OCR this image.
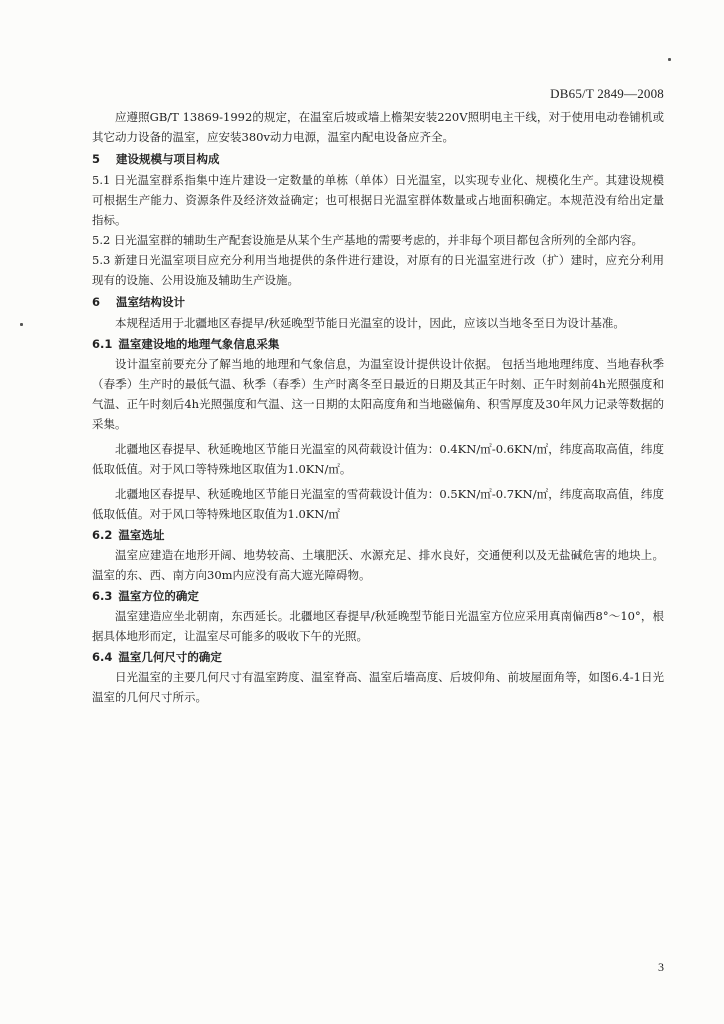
DB65/T 2849—2008

应遵照GB/T 13869-1992的规定，在温室后坡或墙上檐架安装220V照明电主干线，对于使用电动卷铺机或其它动力设备的温室，应安装380v动力电源，温室内配电设备应齐全。

5 建设规模与项目构成

5.1 日光温室群系指集中连片建设一定数量的单栋（单体）日光温室，以实现专业化、规模化生产。其建设规模可根据生产能力、资源条件及经济效益确定；也可根据日光温室群体数量或占地面积确定。本规范没有给出定量指标。

5.2 日光温室群的辅助生产配套设施是从某个生产基地的需要考虑的，并非每个项目都包含所列的全部内容。

5.3 新建日光温室项目应充分利用当地提供的条件进行建设，对原有的日光温室进行改（扩）建时，应充分利用现有的设施、公用设施及辅助生产设施。

6 温室结构设计

本规程适用于北疆地区春提早/秋延晚型节能日光温室的设计，因此，应该以当地冬至日为设计基准。

6.1 温室建设地的地理气象信息采集

设计温室前要充分了解当地的地理和气象信息，为温室设计提供设计依据。 包括当地地理纬度、当地春秋季（春季）生产时的最低气温、秋季（春季）生产时离冬至日最近的日期及其正午时刻、正午时刻前4h光照强度和气温、正午时刻后4h光照强度和气温、这一日期的太阳高度角和当地磁偏角、积雪厚度及30年风力记录等数据的采集。

北疆地区春提早、秋延晚地区节能日光温室的风荷载设计值为：0.4KN/㎡-0.6KN/㎡，纬度高取高值，纬度低取低值。对于风口等特殊地区取值为1.0KN/㎡。

北疆地区春提早、秋延晚地区节能日光温室的雪荷载设计值为：0.5KN/㎡-0.7KN/㎡，纬度高取高值，纬度低取低值。对于风口等特殊地区取值为1.0KN/㎡

6.2 温室选址

温室应建造在地形开阔、地势较高、土壤肥沃、水源充足、排水良好，交通便利以及无盐碱危害的地块上。温室的东、西、南方向30m内应没有高大遮光障碍物。

6.3 温室方位的确定

温室建造应坐北朝南，东西延长。北疆地区春提早/秋延晚型节能日光温室方位应采用真南偏西8°～10°，根据具体地形而定，让温室尽可能多的吸收下午的光照。

6.4 温室几何尺寸的确定

日光温室的主要几何尺寸有温室跨度、温室脊高、温室后墙高度、后坡仰角、前坡屋面角等，如图6.4-1日光温室的几何尺寸所示。

3
